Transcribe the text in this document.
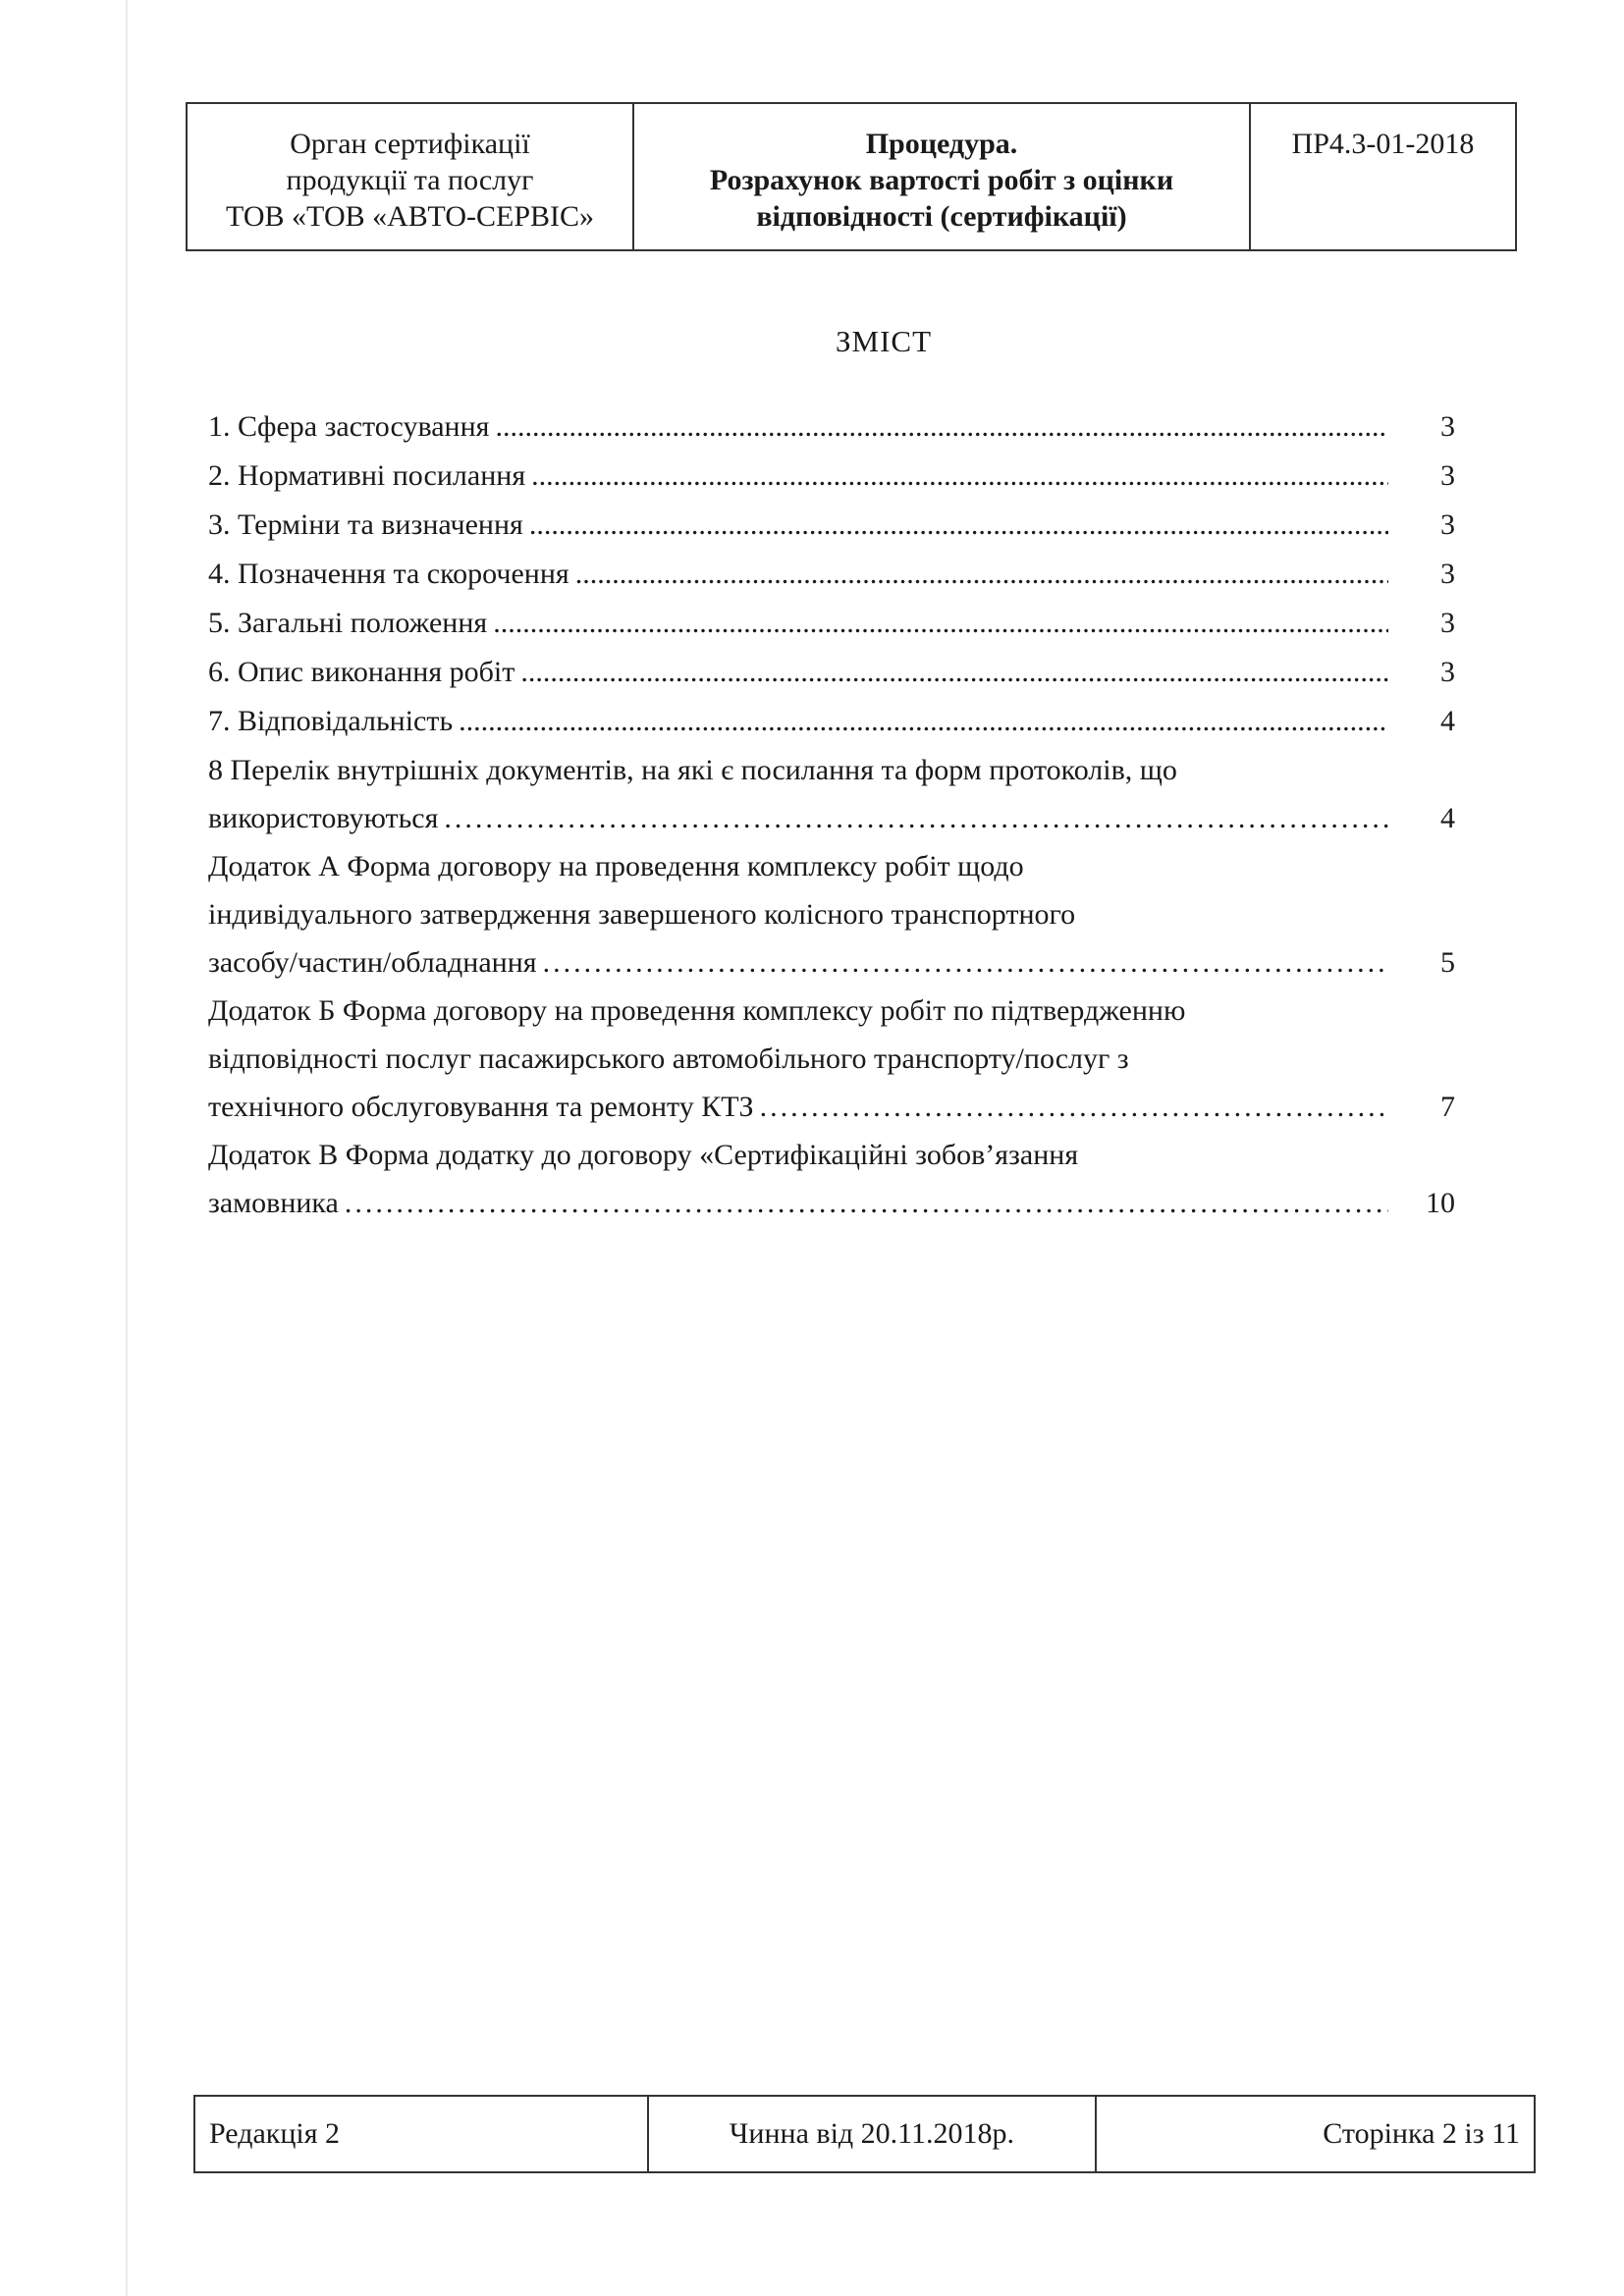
Орган сертифікації
продукції та послуг
ТОВ «ТОВ «АВТО-СЕРВІС»
Процедура.
Розрахунок вартості робіт з оцінки
відповідності (сертифікації)
ПР4.3-01-2018
ЗМІСТ
1. Сфера застосування .....	3
2. Нормативні посилання .....	3
3. Терміни та визначення .....	3
4. Позначення та скорочення .....	3
5. Загальні положення .....	3
6. Опис виконання робіт .....	3
7. Відповідальність .....	4
8 Перелік внутрішніх документів, на які є посилання та форм протоколів, що
використовуються .....	4
Додаток А Форма договору на проведення комплексу робіт щодо
індивідуального затвердження завершеного колісного транспортного
засобу/частин/обладнання .....	5
Додаток Б Форма договору на проведення комплексу робіт по підтвердженню
відповідності послуг пасажирського автомобільного транспорту/послуг з
технічного обслуговування та ремонту КТЗ .....	7
Додаток В Форма додатку до договору «Сертифікаційні зобов’язання
замовника .....	10
Редакція 2	Чинна від 20.11.2018р.	Сторінка 2 із 11
